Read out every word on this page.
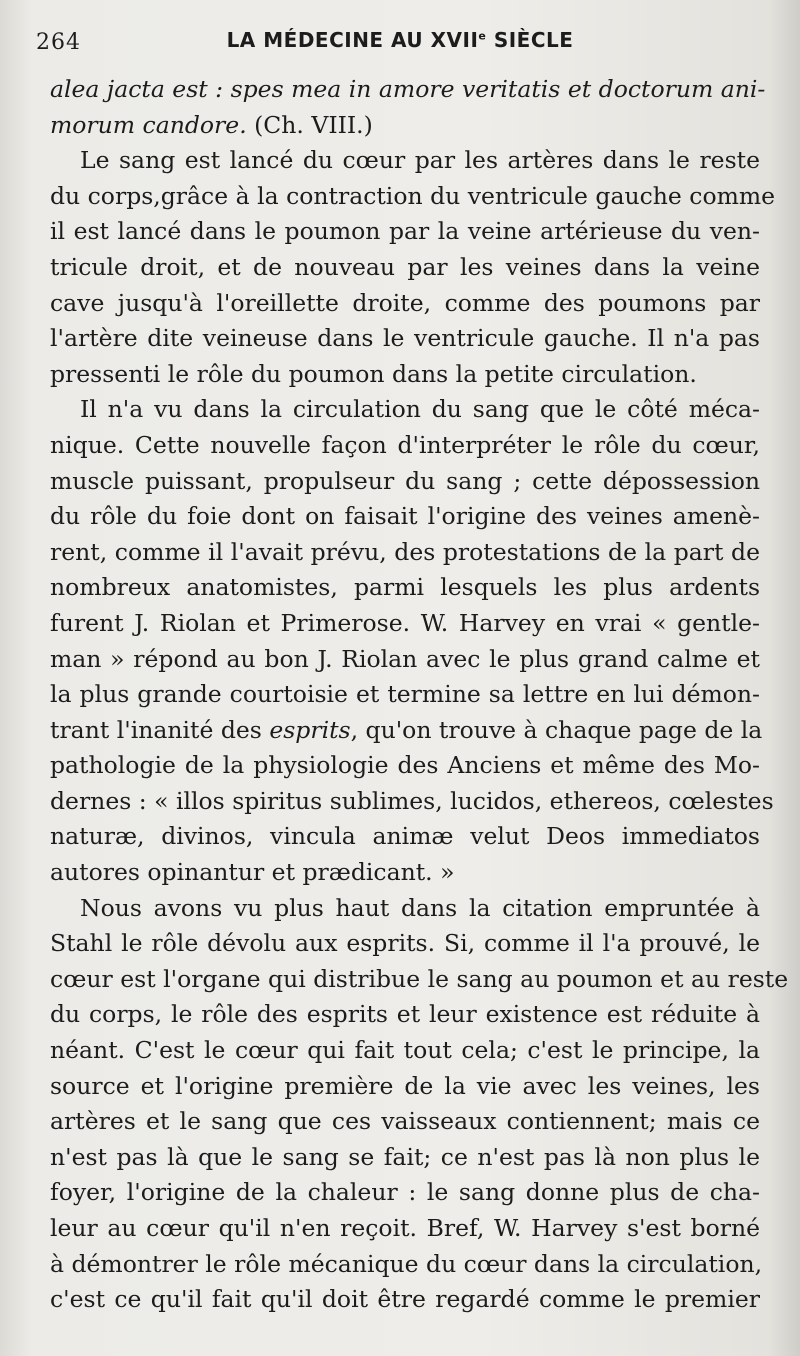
264	LA MÉDECINE AU XVIIe SIÈCLE
alea jacta est : spes mea in amore veritatis et doctorum ani-
morum candore. (Ch. VIII.)
Le sang est lancé du cœur par les artères dans le reste
du corps,grâce à la contraction du ventricule gauche comme
il est lancé dans le poumon par la veine artérieuse du ven-
tricule droit, et de nouveau par les veines dans la veine
cave jusqu'à l'oreillette droite, comme des poumons par
l'artère dite veineuse dans le ventricule gauche. Il n'a pas
pressenti le rôle du poumon dans la petite circulation.
Il n'a vu dans la circulation du sang que le côté méca-
nique. Cette nouvelle façon d'interpréter le rôle du cœur,
muscle puissant, propulseur du sang ; cette dépossession
du rôle du foie dont on faisait l'origine des veines amenè-
rent, comme il l'avait prévu, des protestations de la part de
nombreux anatomistes, parmi lesquels les plus ardents
furent J. Riolan et Primerose. W. Harvey en vrai « gentle-
man » répond au bon J. Riolan avec le plus grand calme et
la plus grande courtoisie et termine sa lettre en lui démon-
trant l'inanité des esprits, qu'on trouve à chaque page de la
pathologie de la physiologie des Anciens et même des Mo-
dernes : « illos spiritus sublimes, lucidos, ethereos, cœlestes
naturæ, divinos, vincula animæ velut Deos immediatos
autores opinantur et prædicant. »
Nous avons vu plus haut dans la citation empruntée à
Stahl le rôle dévolu aux esprits. Si, comme il l'a prouvé, le
cœur est l'organe qui distribue le sang au poumon et au reste
du corps, le rôle des esprits et leur existence est réduite à
néant. C'est le cœur qui fait tout cela; c'est le principe, la
source et l'origine première de la vie avec les veines, les
artères et le sang que ces vaisseaux contiennent; mais ce
n'est pas là que le sang se fait; ce n'est pas là non plus le
foyer, l'origine de la chaleur : le sang donne plus de cha-
leur au cœur qu'il n'en reçoit. Bref, W. Harvey s'est borné
à démontrer le rôle mécanique du cœur dans la circulation,
c'est ce qu'il fait qu'il doit être regardé comme le premier
